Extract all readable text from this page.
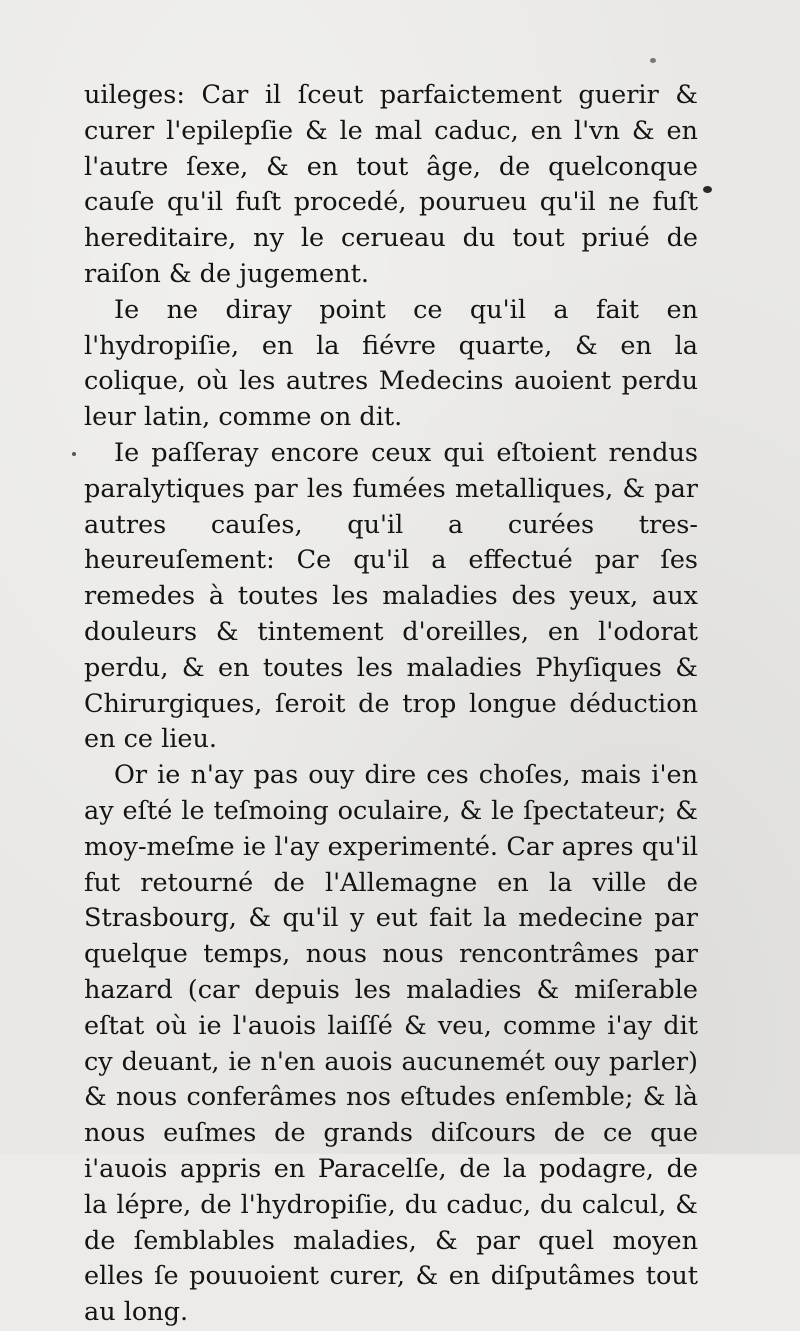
uileges: Car il ſceut parfaictement guerir & curer l'epilepſie & le mal caduc, en l'vn & en l'autre ſexe, & en tout âge, de quelconque cauſe qu'il fuſt procedé, pourueu qu'il ne fuſt hereditaire, ny le cerueau du tout priué de raiſon & de jugement.

Ie ne diray point ce qu'il a fait en l'hydropiſie, en la fiévre quarte, & en la colique, où les autres Medecins auoient perdu leur latin, comme on dit.

Ie paſſeray encore ceux qui eſtoient rendus paralytiques par les fumées metalliques, & par autres cauſes, qu'il a curées tres-heureuſement: Ce qu'il a effectué par ſes remedes à toutes les maladies des yeux, aux douleurs & tintement d'oreilles, en l'odorat perdu, & en toutes les maladies Phyſiques & Chirurgiques, ſeroit de trop longue déduction en ce lieu.

Or ie n'ay pas ouy dire ces choſes, mais i'en ay eſté le teſmoing oculaire, & le ſpectateur; & moy-meſme ie l'ay experimenté. Car apres qu'il fut retourné de l'Allemagne en la ville de Strasbourg, & qu'il y eut fait la medecine par quelque temps, nous nous rencontrâmes par hazard (car depuis les maladies & miſerable eſtat où ie l'auois laiſſé & veu, comme i'ay dit cy deuant, ie n'en auois aucunemét ouy parler) & nous conferâmes nos eſtudes enſemble; & là nous euſmes de grands diſcours de ce que i'auois appris en Paracelſe, de la podagre, de la lépre, de l'hydropiſie, du caduc, du calcul, & de ſemblables maladies, & par quel moyen elles ſe pouuoient curer, & en diſputâmes tout au long.
